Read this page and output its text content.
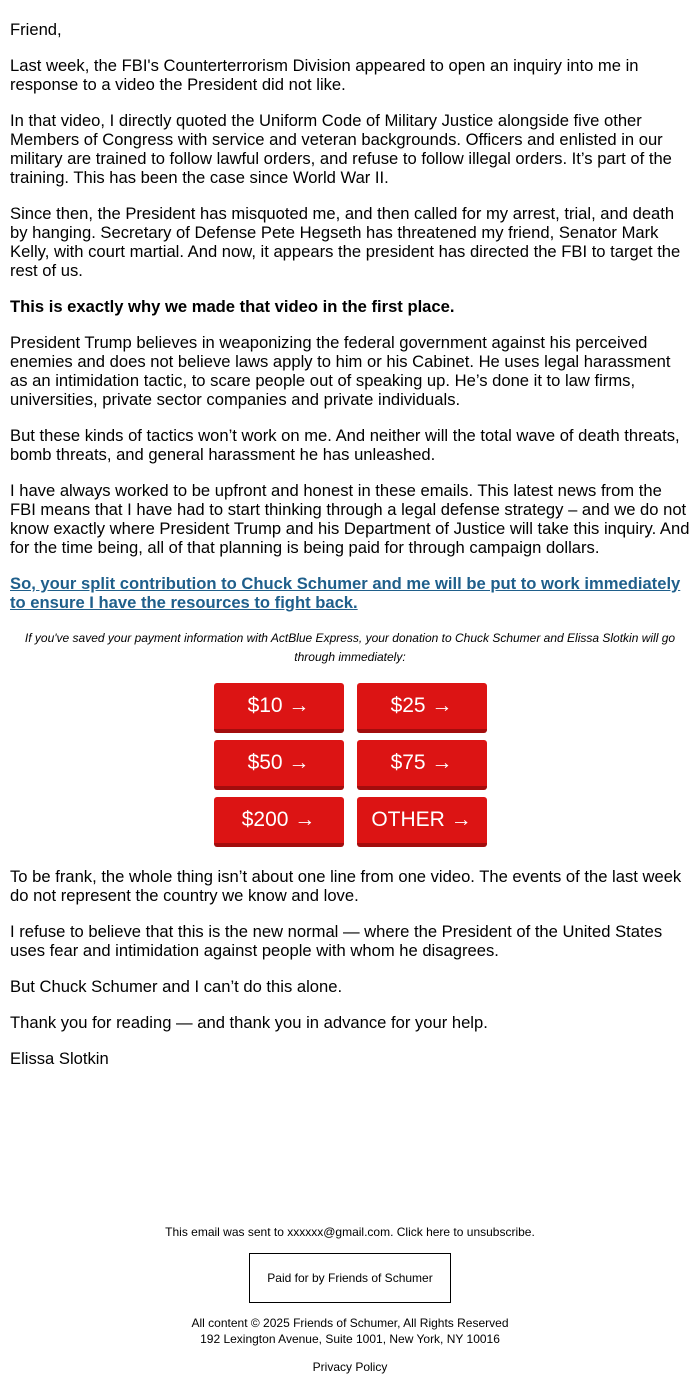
Friend,

Last week, the FBI's Counterterrorism Division appeared to open an inquiry into me in response to a video the President did not like.

In that video, I directly quoted the Uniform Code of Military Justice alongside five other Members of Congress with service and veteran backgrounds. Officers and enlisted in our military are trained to follow lawful orders, and refuse to follow illegal orders. It’s part of the training. This has been the case since World War II.

Since then, the President has misquoted me, and then called for my arrest, trial, and death by hanging. Secretary of Defense Pete Hegseth has threatened my friend, Senator Mark Kelly, with court martial. And now, it appears the president has directed the FBI to target the rest of us.

This is exactly why we made that video in the first place.

President Trump believes in weaponizing the federal government against his perceived enemies and does not believe laws apply to him or his Cabinet. He uses legal harassment as an intimidation tactic, to scare people out of speaking up. He’s done it to law firms, universities, private sector companies and private individuals.

But these kinds of tactics won’t work on me. And neither will the total wave of death threats, bomb threats, and general harassment he has unleashed.

I have always worked to be upfront and honest in these emails. This latest news from the FBI means that I have had to start thinking through a legal defense strategy – and we do not know exactly where President Trump and his Department of Justice will take this inquiry. And for the time being, all of that planning is being paid for through campaign dollars.

So, your split contribution to Chuck Schumer and me will be put to work immediately to ensure I have the resources to fight back.
If you've saved your payment information with ActBlue Express, your donation to Chuck Schumer and Elissa Slotkin will go through immediately:
$10 →	$25 →
$50 →	$75 →
$200 →	OTHER →

To be frank, the whole thing isn’t about one line from one video. The events of the last week do not represent the country we know and love.

I refuse to believe that this is the new normal — where the President of the United States uses fear and intimidation against people with whom he disagrees.

But Chuck Schumer and I can’t do this alone.

Thank you for reading — and thank you in advance for your help.

Elissa Slotkin

This email was sent to xxxxxx@gmail.com. Click here to unsubscribe.

Paid for by Friends of Schumer

All content © 2025 Friends of Schumer, All Rights Reserved

192 Lexington Avenue, Suite 1001, New York, NY 10016

Privacy Policy
